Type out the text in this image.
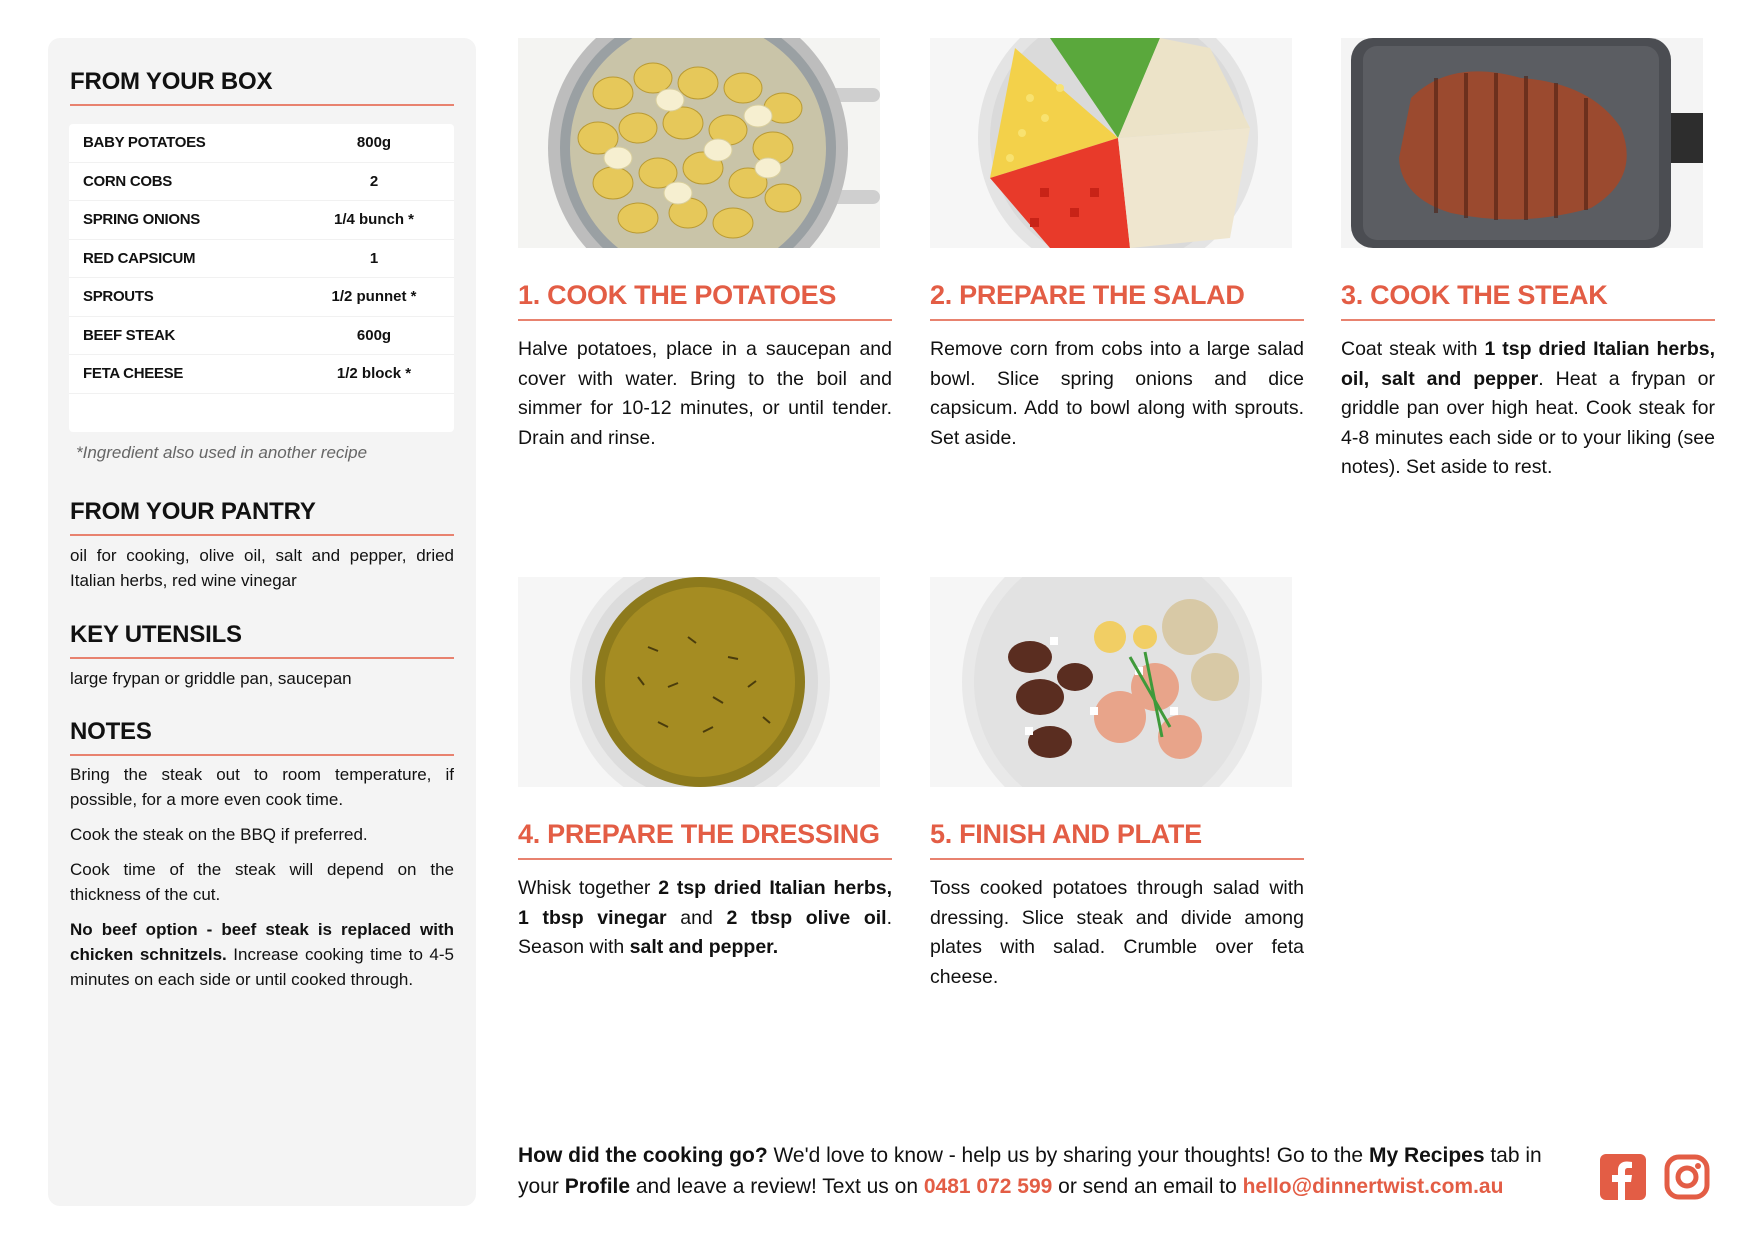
FROM YOUR BOX
BABY POTATOES	800g
CORN COBS	2
SPRING ONIONS	1/4 bunch *
RED CAPSICUM	1
SPROUTS	1/2 punnet *
BEEF STEAK	600g
FETA CHEESE	1/2 block *
*Ingredient also used in another recipe
FROM YOUR PANTRY
oil for cooking, olive oil, salt and pepper, dried Italian herbs, red wine vinegar
KEY UTENSILS
large frypan or griddle pan, saucepan
NOTES

Bring the steak out to room temperature, if possible, for a more even cook time.

Cook the steak on the BBQ if preferred.

Cook time of the steak will depend on the thickness of the cut.

No beef option - beef steak is replaced with chicken schnitzels. Increase cooking time to 4-5 minutes on each side or until cooked through.

1. COOK THE POTATOES
Halve potatoes, place in a saucepan and cover with water. Bring to the boil and simmer for 10-12 minutes, or until tender. Drain and rinse.
2. PREPARE THE SALAD
Remove corn from cobs into a large salad bowl. Slice spring onions and dice capsicum. Add to bowl along with sprouts. Set aside.
3. COOK THE STEAK
Coat steak with 1 tsp dried Italian herbs, oil, salt and pepper. Heat a frypan or griddle pan over high heat. Cook steak for 4-8 minutes each side or to your liking (see notes). Set aside to rest.
4. PREPARE THE DRESSING
Whisk together 2 tsp dried Italian herbs, 1 tbsp vinegar and 2 tbsp olive oil. Season with salt and pepper.
5. FINISH AND PLATE
Toss cooked potatoes through salad with dressing. Slice steak and divide among plates with salad. Crumble over feta cheese.
How did the cooking go? We'd love to know - help us by sharing your thoughts! Go to the My Recipes tab in your Profile and leave a review! Text us on 0481 072 599 or send an email to hello@dinnertwist.com.au
